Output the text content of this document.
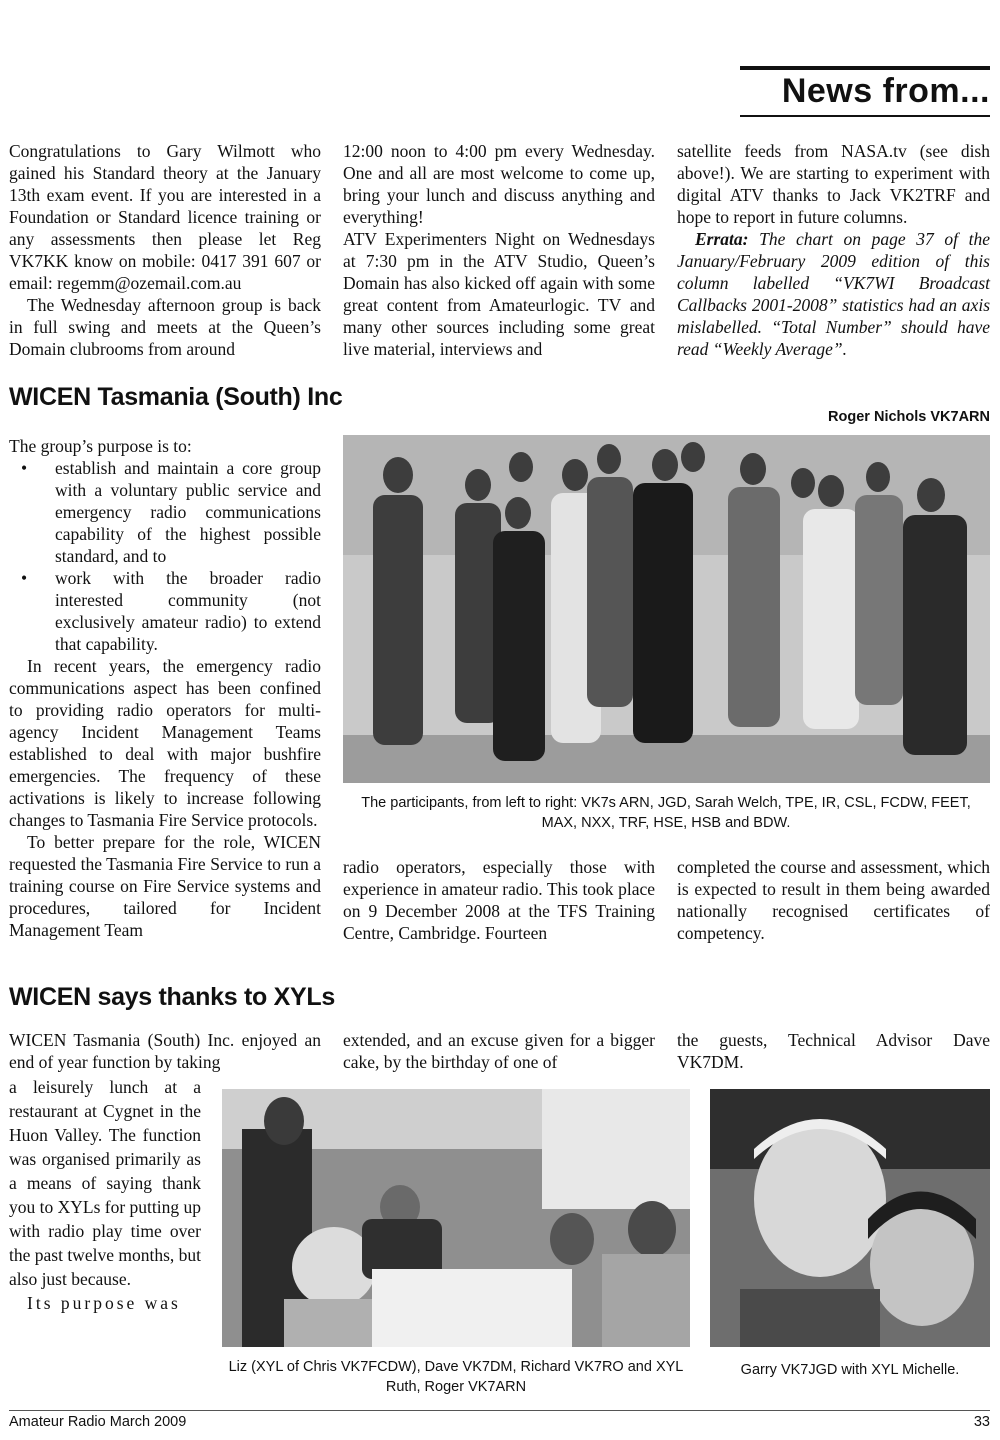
News from...

Congratulations to Gary Wilmott who gained his Standard theory at the January 13th exam event. If you are interested in a Foundation or Standard licence training or any assessments then please let Reg VK7KK know on mobile: 0417 391 607 or email: regemm@ozemail.com.au

The Wednesday afternoon group is back in full swing and meets at the Queen’s Domain clubrooms from around

12:00 noon to 4:00 pm every Wednesday. One and all are most welcome to come up, bring your lunch and discuss anything and everything!

ATV Experimenters Night on Wednesdays at 7:30 pm in the ATV Studio, Queen’s Domain has also kicked off again with some great content from Amateurlogic. TV and many other sources including some great live material, interviews and

satellite feeds from NASA.tv (see dish above!). We are starting to experiment with digital ATV thanks to Jack VK2TRF and hope to report in future columns.

Errata: The chart on page 37 of the January/February 2009 edition of this column labelled “VK7WI Broadcast Callbacks 2001-2008” statistics had an axis mislabelled. “Total Number” should have read “Weekly Average”.

WICEN Tasmania (South) Inc
Roger Nichols VK7ARN

The group’s purpose is to:

• establish and maintain a core group with a voluntary public service and emergency radio communications capability of the highest possible standard, and to
• work with the broader radio interested community (not exclusively amateur radio) to extend that capability.

In recent years, the emergency radio communications aspect has been confined to providing radio operators for multi-agency Incident Management Teams established to deal with major bushfire emergencies. The frequency of these activations is likely to increase following changes to Tasmania Fire Service protocols.

To better prepare for the role, WICEN requested the Tasmania Fire Service to run a training course on Fire Service systems and procedures, tailored for Incident Management Team

The participants, from left to right: VK7s ARN, JGD, Sarah Welch, TPE, IR, CSL, FCDW, FEET, MAX, NXX, TRF, HSE, HSB and BDW.

radio operators, especially those with experience in amateur radio. This took place on 9 December 2008 at the TFS Training Centre, Cambridge. Fourteen

completed the course and assessment, which is expected to result in them being awarded nationally recognised certificates of competency.

WICEN says thanks to XYLs

WICEN Tasmania (South) Inc. enjoyed an end of year function by taking

a leisurely lunch at a restaurant at Cygnet in the Huon Valley. The function was organised primarily as a means of saying thank you to XYLs for putting up with radio play time over the past twelve months, but also just because.

Its purpose was

extended, and an excuse given for a bigger cake, by the birthday of one of

the guests, Technical Advisor Dave VK7DM.

Liz (XYL of Chris VK7FCDW), Dave VK7DM, Richard VK7RO and XYL Ruth, Roger VK7ARN
Garry VK7JGD with XYL Michelle.
Amateur Radio March 2009	33
